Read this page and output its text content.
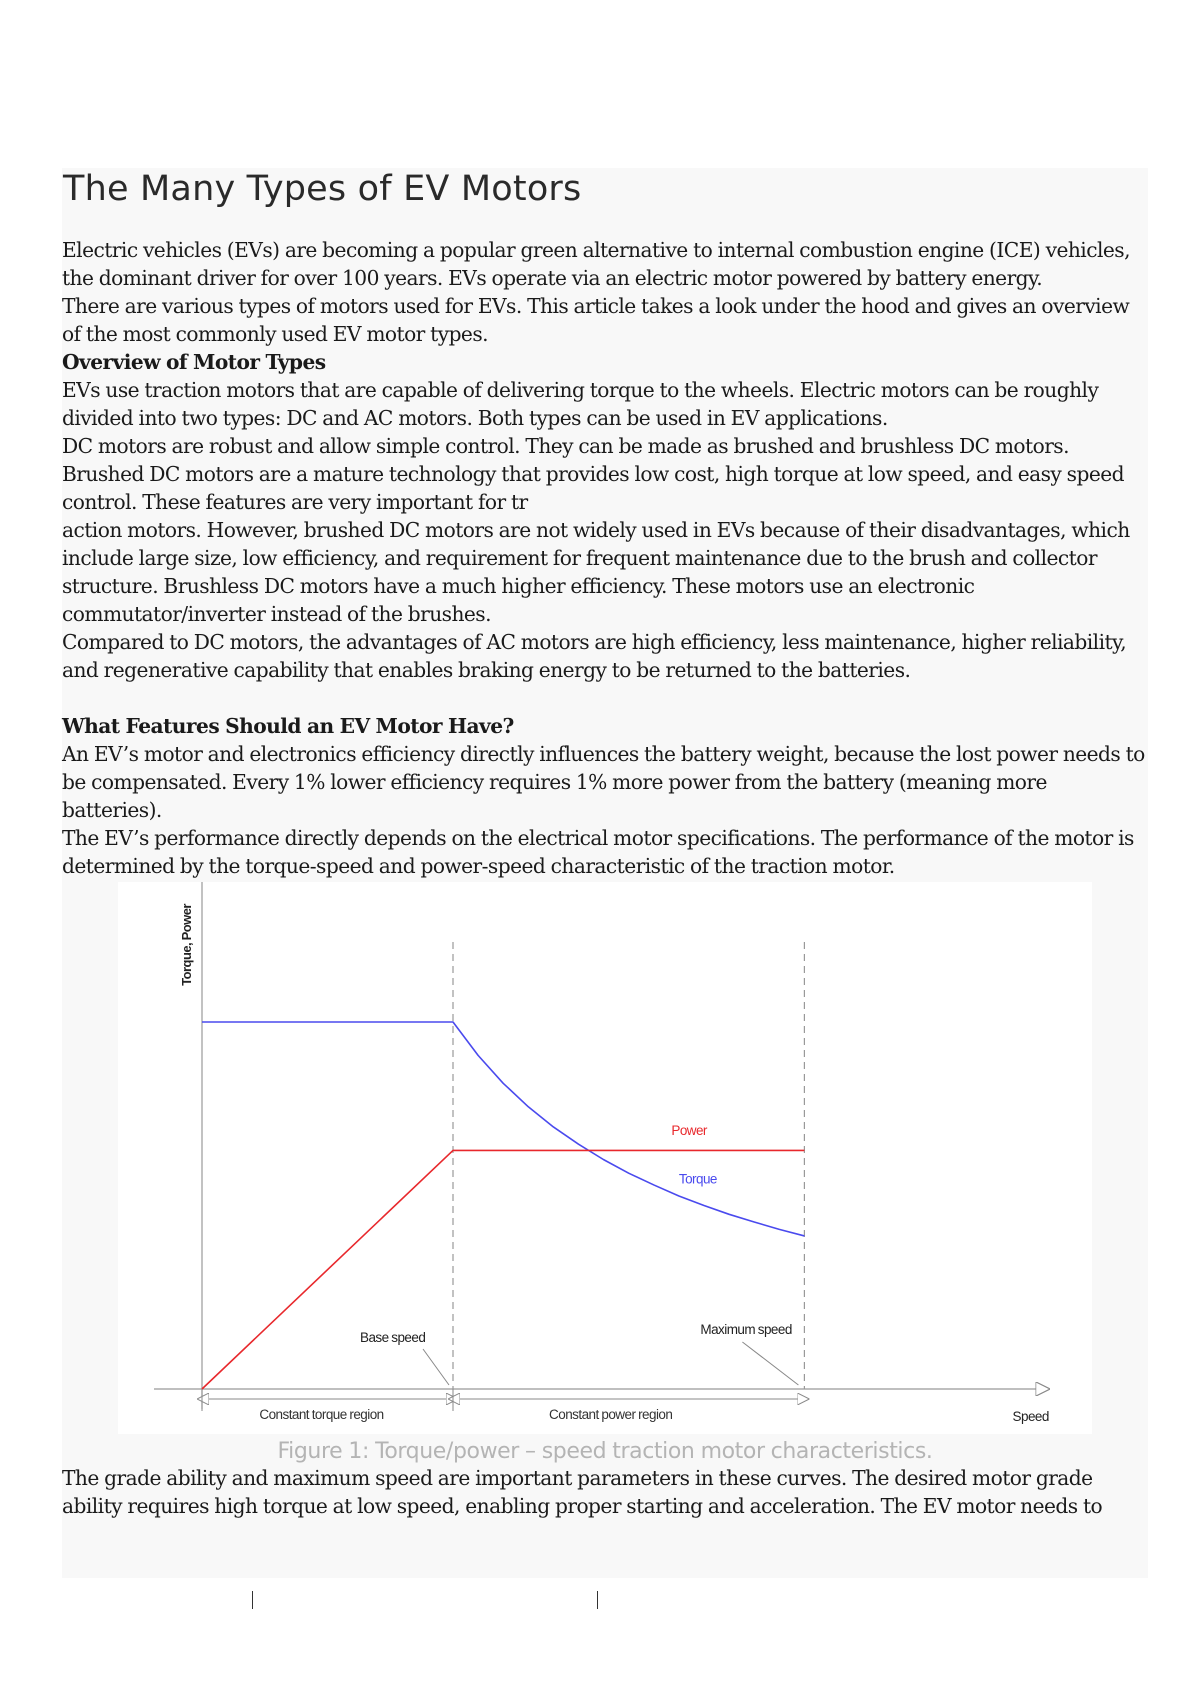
The Many Types of EV Motors

Electric vehicles (EVs) are becoming a popular green alternative to internal combustion engine (ICE) vehicles, the dominant driver for over 100 years. EVs operate via an electric motor powered by battery energy.

There are various types of motors used for EVs. This article takes a look under the hood and gives an overview of the most commonly used EV motor types.

Overview of Motor Types

EVs use traction motors that are capable of delivering torque to the wheels. Electric motors can be roughly divided into two types: DC and AC motors. Both types can be used in EV applications.

DC motors are robust and allow simple control. They can be made as brushed and brushless DC motors. Brushed DC motors are a mature technology that provides low cost, high torque at low speed, and easy speed control. These features are very important for tr

action motors. However, brushed DC motors are not widely used in EVs because of their disadvantages, which include large size, low efficiency, and requirement for frequent maintenance due to the brush and collector structure. Brushless DC motors have a much higher efficiency. These motors use an electronic commutator/inverter instead of the brushes.

Compared to DC motors, the advantages of AC motors are high efficiency, less maintenance, higher reliability, and regenerative capability that enables braking energy to be returned to the batteries.

What Features Should an EV Motor Have?

An EV’s motor and electronics efficiency directly influences the battery weight, because the lost power needs to be compensated. Every 1% lower efficiency requires 1% more power from the battery (meaning more batteries).

The EV’s performance directly depends on the electrical motor specifications. The performance of the motor is determined by the torque-speed and power-speed characteristic of the traction motor.

Constant torque region	Constant power region
Torque
Power
Torque, Power
Speed
Base speed
Maximum speed
Figure 1: Torque/power – speed traction motor characteristics.

The grade ability and maximum speed are important parameters in these curves. The desired motor grade ability requires high torque at low speed, enabling proper starting and acceleration. The EV motor needs to
